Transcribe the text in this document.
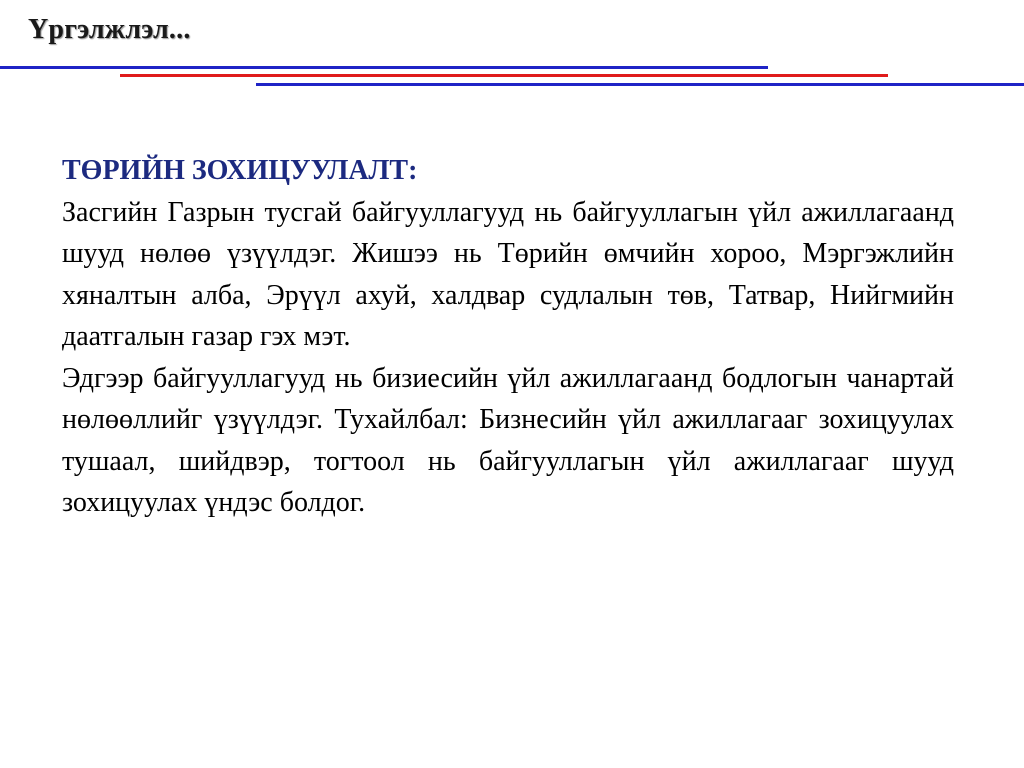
Үргэлжлэл...
ТӨРИЙН ЗОХИЦУУЛАЛТ:

Засгийн Газрын тусгай байгууллагууд нь байгууллагын үйл ажиллагаанд шууд нөлөө үзүүлдэг. Жишээ нь Төрийн өмчийн хороо, Мэргэжлийн хяналтын алба, Эрүүл ахуй, халдвар судлалын төв, Татвар, Нийгмийн даатгалын газар гэх мэт.

Эдгээр байгууллагууд нь бизиесийн үйл ажиллагаанд бодлогын чанартай нөлөөллийг үзүүлдэг. Тухайлбал: Бизнесийн үйл ажиллагааг зохицуулах тушаал, шийдвэр, тогтоол нь байгууллагын үйл ажиллагааг шууд зохицуулах үндэс болдог.
